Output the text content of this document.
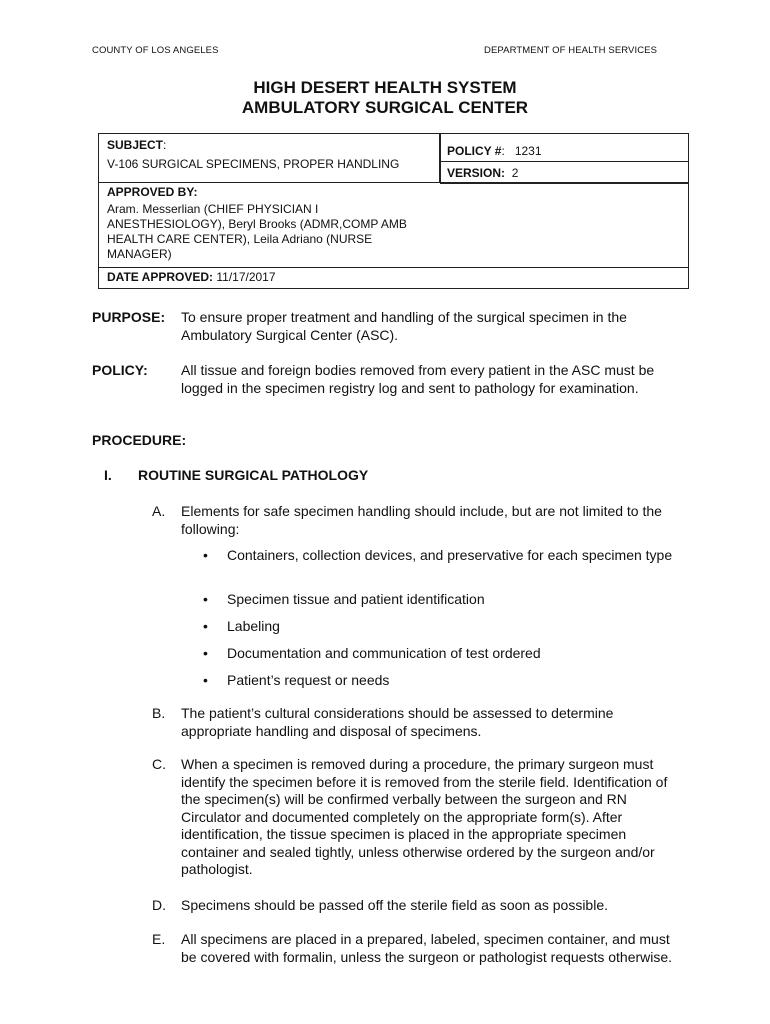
COUNTY OF LOS ANGELES	DEPARTMENT OF HEALTH SERVICES
HIGH DESERT HEALTH SYSTEM
AMBULATORY SURGICAL CENTER
SUBJECT:
V-106 SURGICAL SPECIMENS, PROPER HANDLING
POLICY #:   1231
VERSION: 2
APPROVED BY:
Aram. Messerlian (CHIEF PHYSICIAN I ANESTHESIOLOGY), Beryl Brooks (ADMR,COMP AMB HEALTH CARE CENTER), Leila Adriano (NURSE MANAGER)
DATE APPROVED: 11/17/2017
PURPOSE: To ensure proper treatment and handling of the surgical specimen in the Ambulatory Surgical Center (ASC).
POLICY: All tissue and foreign bodies removed from every patient in the ASC must be logged in the specimen registry log and sent to pathology for examination.
PROCEDURE:
I. ROUTINE SURGICAL PATHOLOGY
A. Elements for safe specimen handling should include, but are not limited to the following:
• Containers, collection devices, and preservative for each specimen type
• Specimen tissue and patient identification
• Labeling
• Documentation and communication of test ordered
• Patient’s request or needs
B. The patient’s cultural considerations should be assessed to determine appropriate handling and disposal of specimens.
C. When a specimen is removed during a procedure, the primary surgeon must identify the specimen before it is removed from the sterile field. Identification of the specimen(s) will be confirmed verbally between the surgeon and RN Circulator and documented completely on the appropriate form(s). After identification, the tissue specimen is placed in the appropriate specimen container and sealed tightly, unless otherwise ordered by the surgeon and/or pathologist.
D. Specimens should be passed off the sterile field as soon as possible.
E. All specimens are placed in a prepared, labeled, specimen container, and must be covered with formalin, unless the surgeon or pathologist requests otherwise.
